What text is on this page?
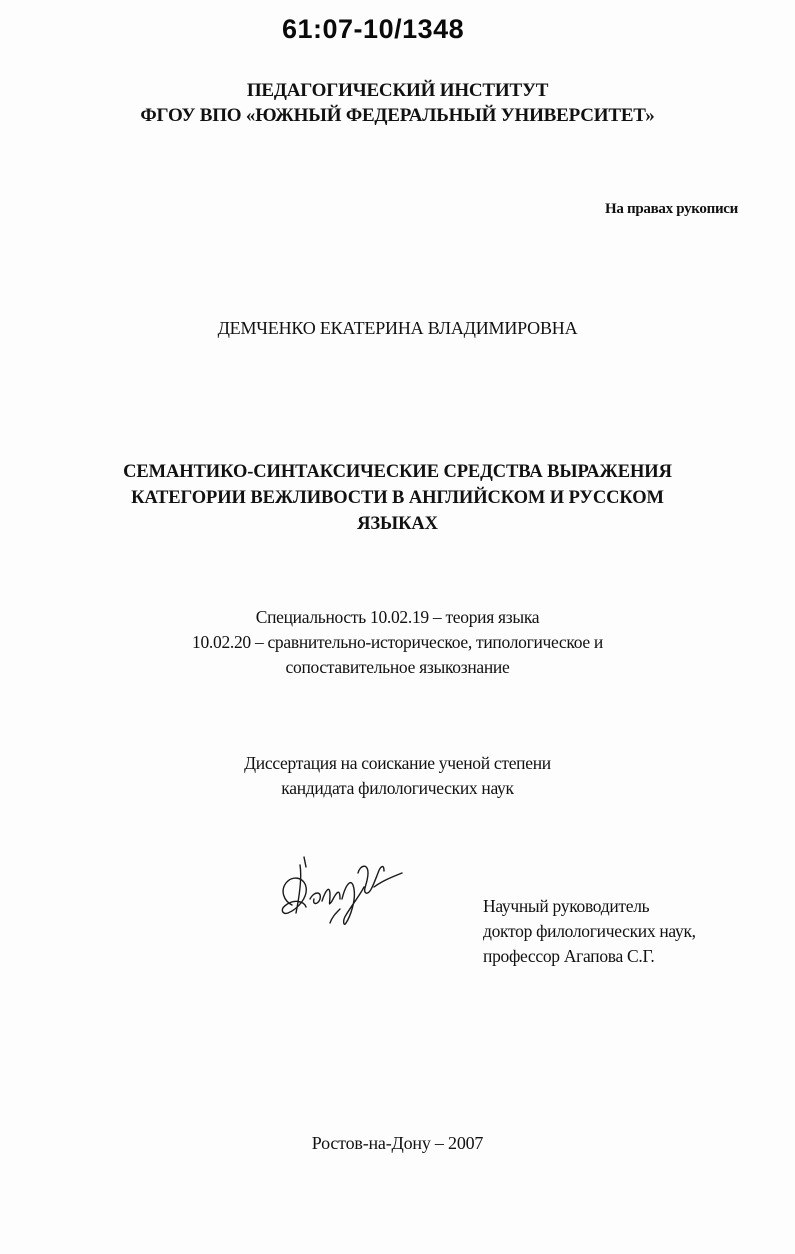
61:07-10/1348
ПЕДАГОГИЧЕСКИЙ ИНСТИТУТ
ФГОУ ВПО «ЮЖНЫЙ ФЕДЕРАЛЬНЫЙ УНИВЕРСИТЕТ»
На правах рукописи
ДЕМЧЕНКО ЕКАТЕРИНА ВЛАДИМИРОВНА
СЕМАНТИКО-СИНТАКСИЧЕСКИЕ СРЕДСТВА ВЫРАЖЕНИЯ
КАТЕГОРИИ ВЕЖЛИВОСТИ В АНГЛИЙСКОМ И РУССКОМ
ЯЗЫКАХ
Специальность 10.02.19 – теория языка
10.02.20 – сравнительно-историческое, типологическое и
сопоставительное языкознание
Диссертация на соискание ученой степени
кандидата филологических наук
Научный руководитель
доктор филологических наук,
профессор Агапова С.Г.
Ростов-на-Дону – 2007
